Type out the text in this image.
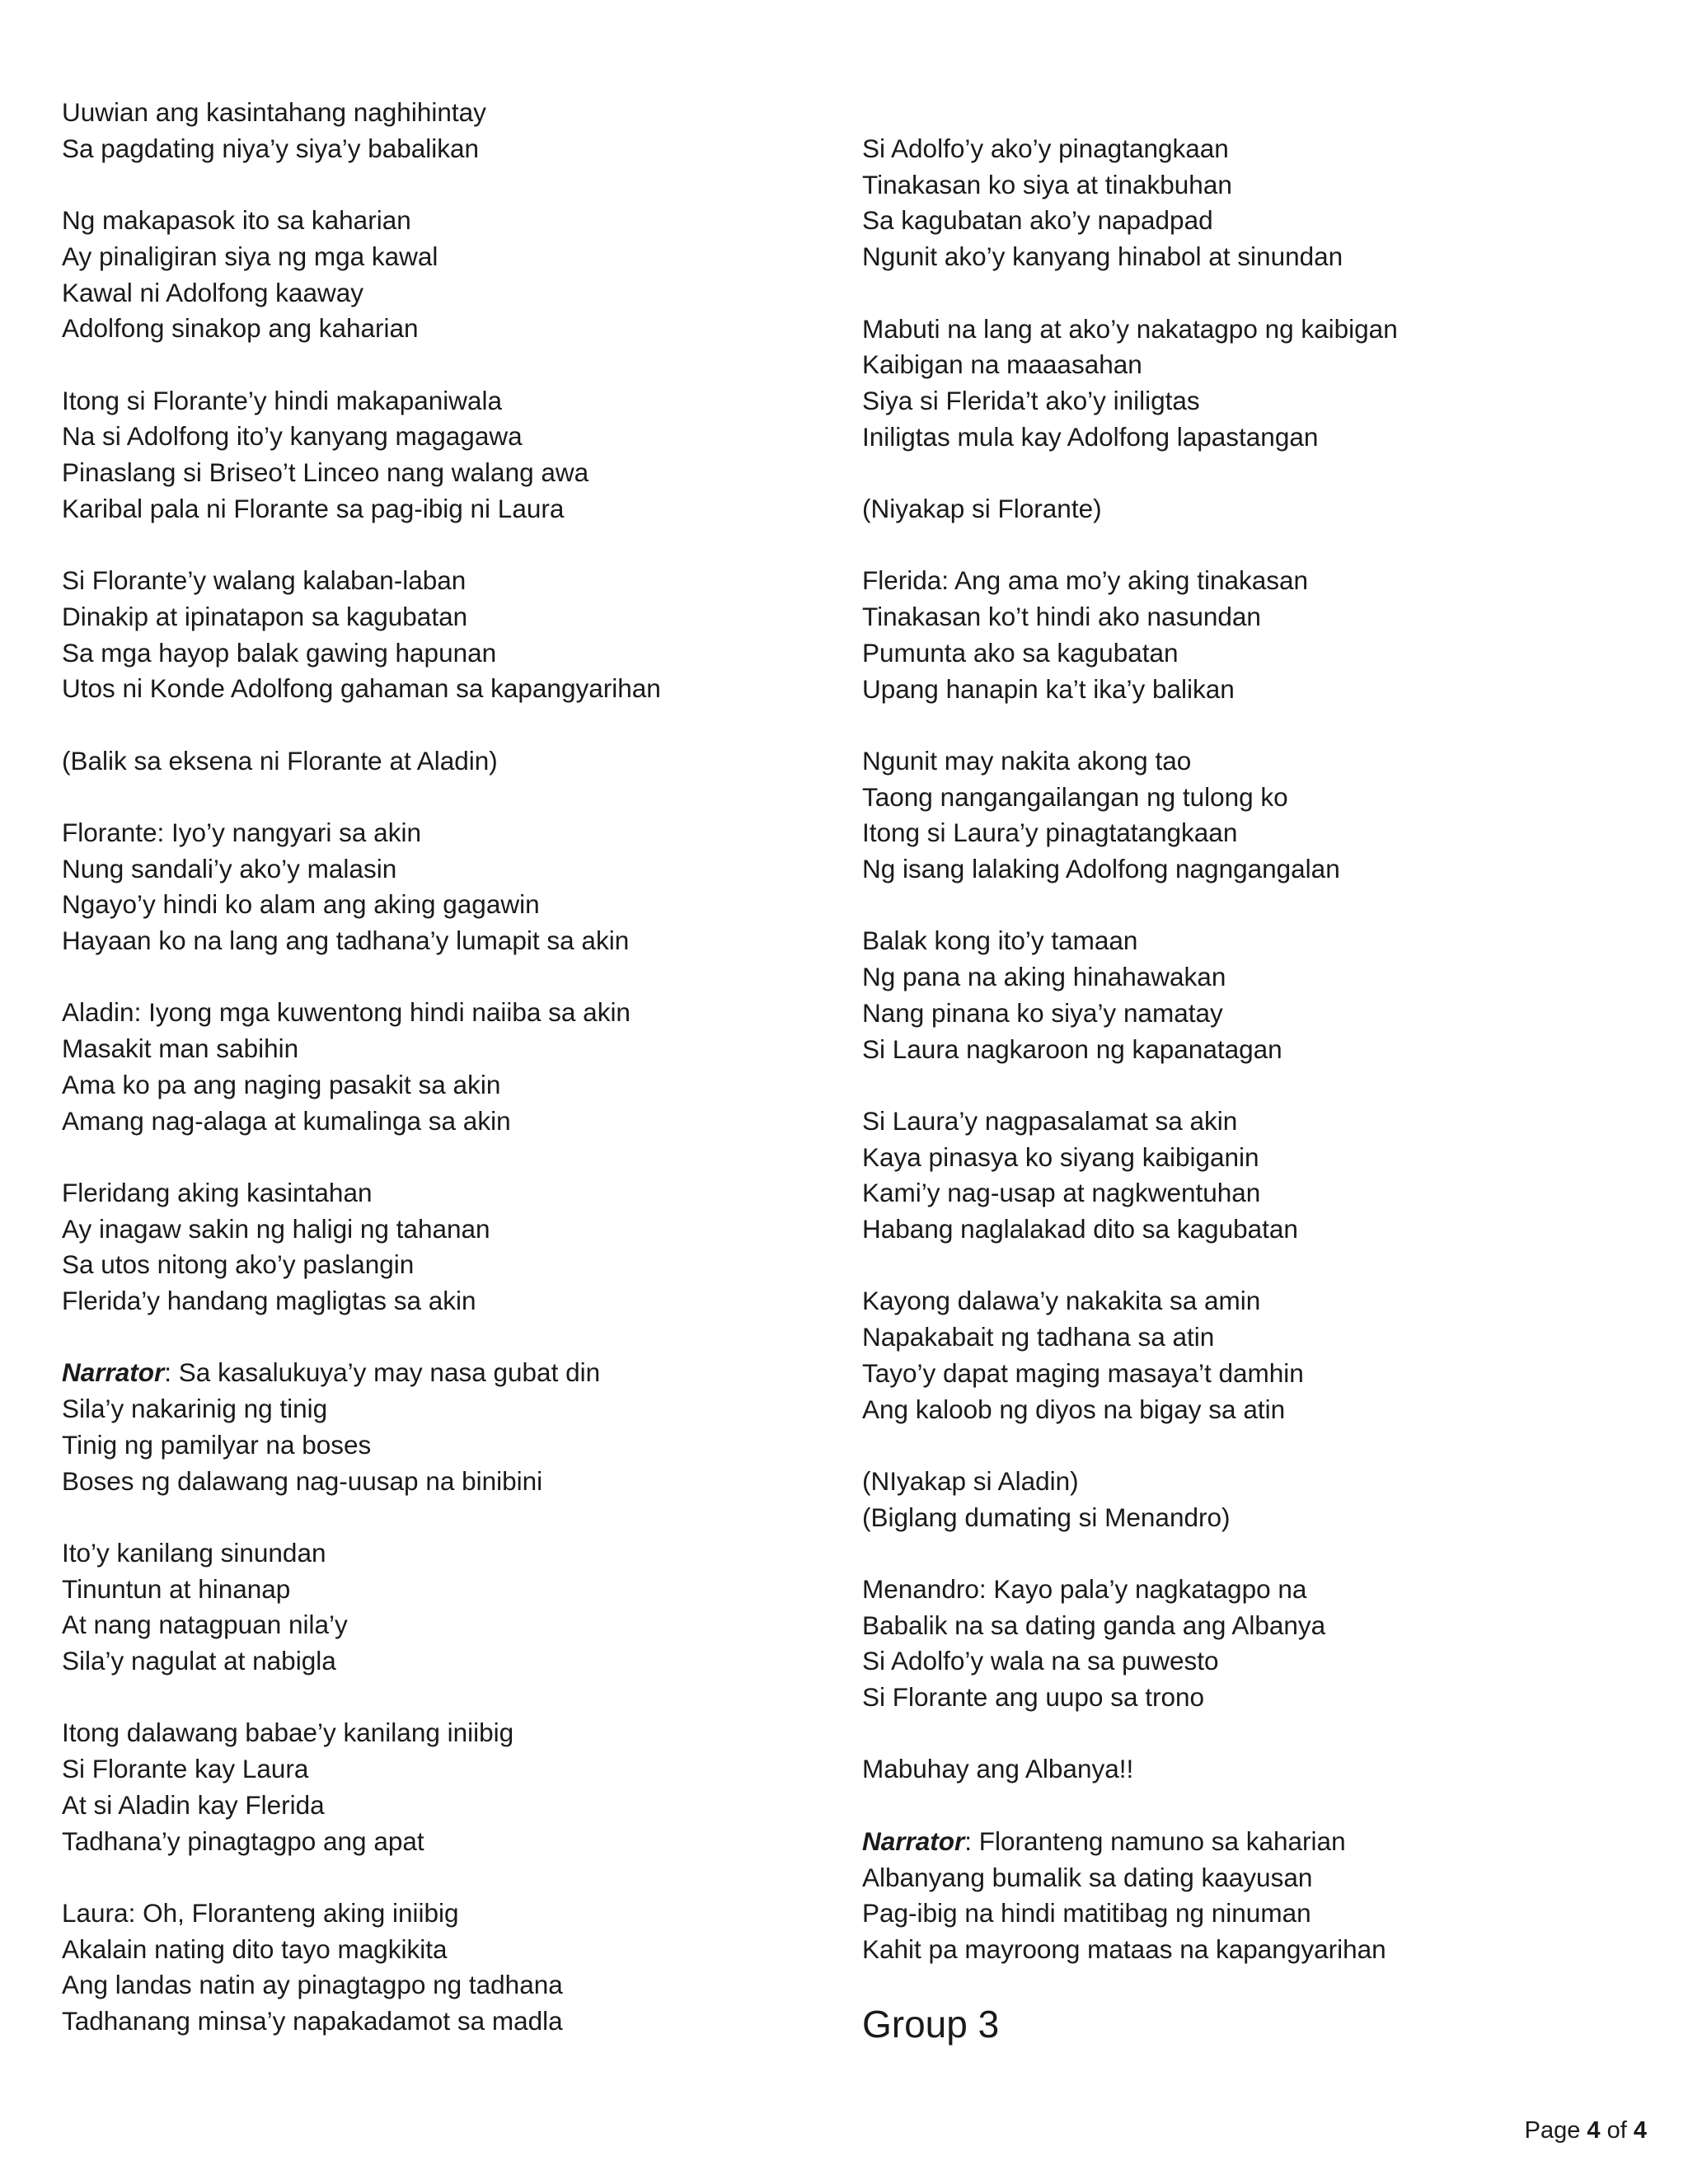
Uuwian ang kasintahang naghihintay
Sa pagdating niya’y siya’y babalikan
Ng makapasok ito sa kaharian
Ay pinaligiran siya ng mga kawal
Kawal ni Adolfong kaaway
Adolfong sinakop ang kaharian
Itong si Florante’y hindi makapaniwala
Na si Adolfong ito’y kanyang magagawa
Pinaslang si Briseo’t Linceo nang walang awa
Karibal pala ni Florante sa pag-ibig ni Laura
Si Florante’y walang kalaban-laban
Dinakip at ipinatapon sa kagubatan
Sa mga hayop balak gawing hapunan
Utos ni Konde Adolfong gahaman sa kapangyarihan
(Balik sa eksena ni Florante at Aladin)
Florante: Iyo’y nangyari sa akin
Nung sandali’y ako’y malasin
Ngayo’y hindi ko alam ang aking gagawin
Hayaan ko na lang ang tadhana’y lumapit sa akin
Aladin: Iyong mga kuwentong hindi naiiba sa akin
Masakit man sabihin
Ama ko pa ang naging pasakit sa akin
Amang nag-alaga at kumalinga sa akin
Fleridang aking kasintahan
Ay inagaw sakin ng haligi ng tahanan
Sa utos nitong ako’y paslangin
Flerida’y handang magligtas sa akin
Narrator: Sa kasalukuya’y may nasa gubat din
Sila’y nakarinig ng tinig
Tinig ng pamilyar na boses
Boses ng dalawang nag-uusap na binibini
Ito’y kanilang sinundan
Tinuntun at hinanap
At nang natagpuan nila’y
Sila’y nagulat at nabigla
Itong dalawang babae’y kanilang iniibig
Si Florante kay Laura
At si Aladin kay Flerida
Tadhana’y pinagtagpo ang apat
Laura: Oh, Floranteng aking iniibig
Akalain nating dito tayo magkikita
Ang landas natin ay pinagtagpo ng tadhana
Tadhanang minsa’y napakadamot sa madla
Si Adolfo’y ako’y pinagtangkaan
Tinakasan ko siya at tinakbuhan
Sa kagubatan ako’y napadpad
Ngunit ako’y kanyang hinabol at sinundan
Mabuti na lang at ako’y nakatagpo ng kaibigan
Kaibigan na maaasahan
Siya si Flerida’t ako’y iniligtas
Iniligtas mula kay Adolfong lapastangan
(Niyakap si Florante)
Flerida: Ang ama mo’y aking tinakasan
Tinakasan ko’t hindi ako nasundan
Pumunta ako sa kagubatan
Upang hanapin ka’t ika’y balikan
Ngunit may nakita akong tao
Taong nangangailangan ng tulong ko
Itong si Laura’y pinagtatangkaan
Ng isang lalaking Adolfong nagngangalan
Balak kong ito’y tamaan
Ng pana na aking hinahawakan
Nang pinana ko siya’y namatay
Si Laura nagkaroon ng kapanatagan
Si Laura’y nagpasalamat sa akin
Kaya pinasya ko siyang kaibiganin
Kami’y nag-usap at nagkwentuhan
Habang naglalakad dito sa kagubatan
Kayong dalawa’y nakakita sa amin
Napakabait ng tadhana sa atin
Tayo’y dapat maging masaya’t damhin
Ang kaloob ng diyos na bigay sa atin
(NIyakap si Aladin)
(Biglang dumating si Menandro)
Menandro: Kayo pala’y nagkatagpo na
Babalik na sa dating ganda ang Albanya
Si Adolfo’y wala na sa puwesto
Si Florante ang uupo sa trono
Mabuhay ang Albanya!!
Narrator: Floranteng namuno sa kaharian
Albanyang bumalik sa dating kaayusan
Pag-ibig na hindi matitibag ng ninuman
Kahit pa mayroong mataas na kapangyarihan
Group 3
Page 4 of 4
